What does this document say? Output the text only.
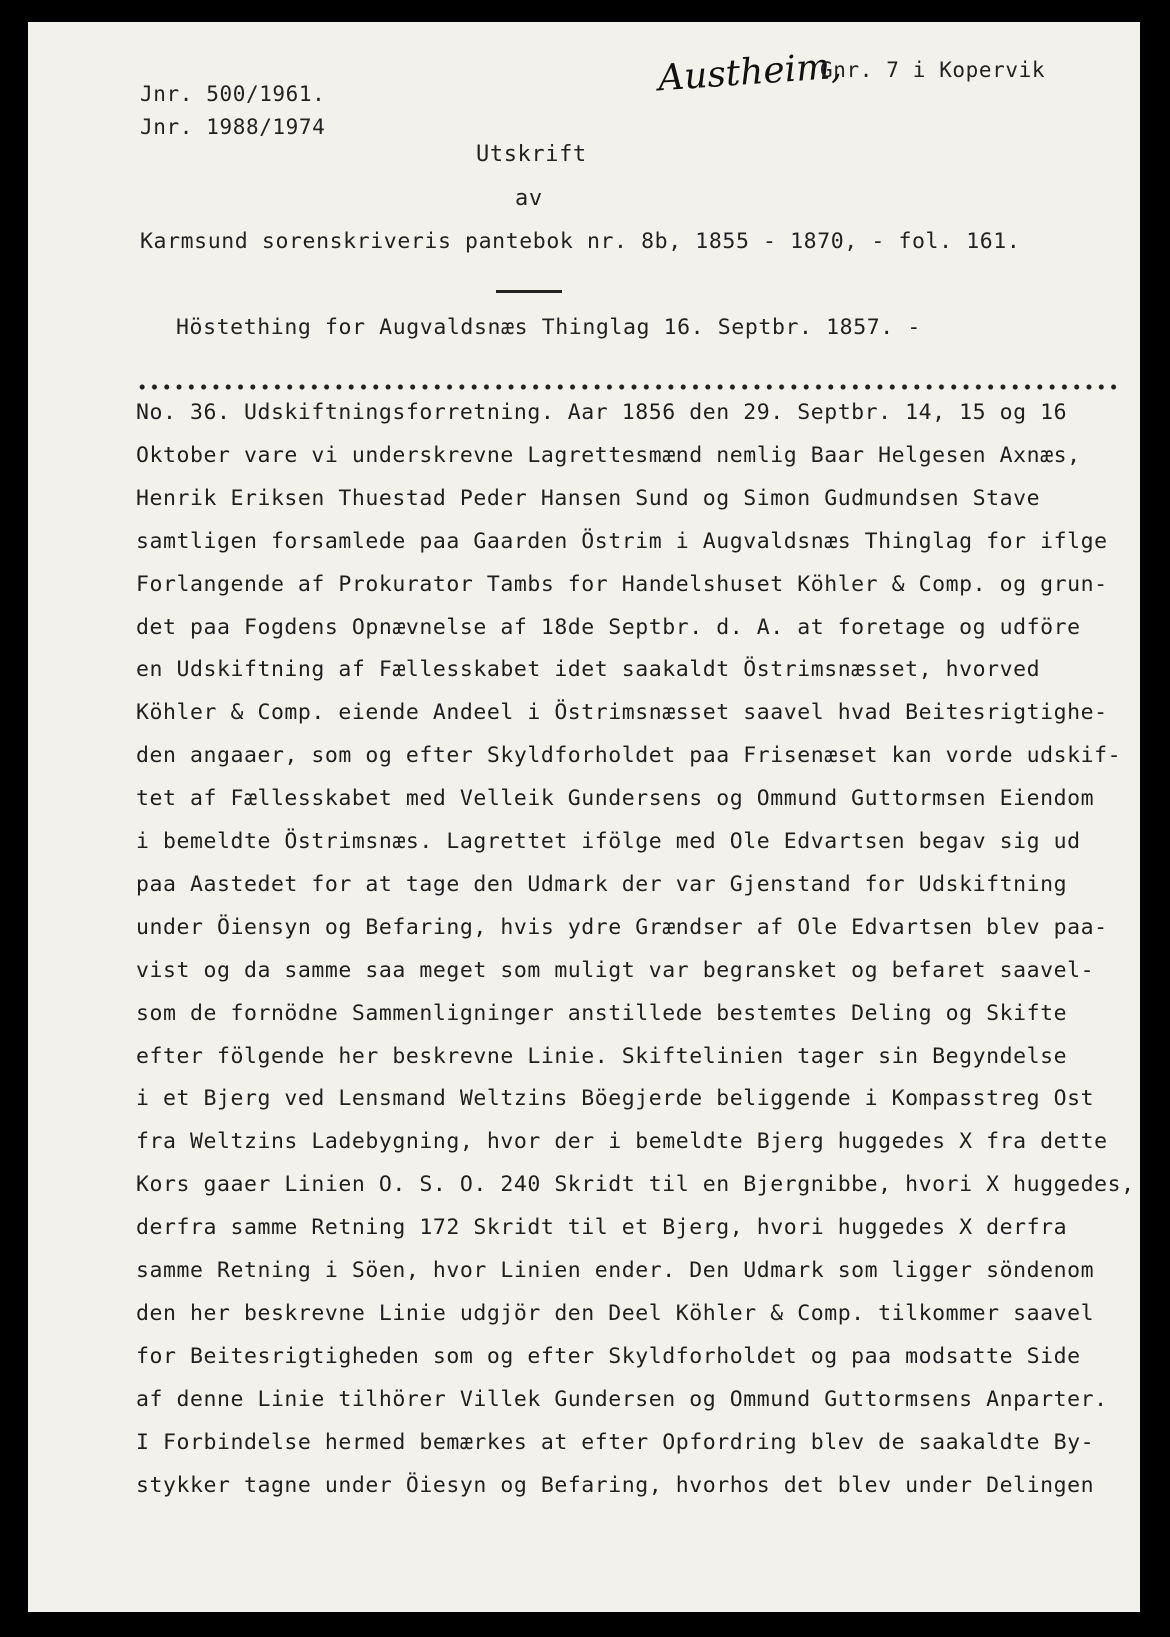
Austheim,
Gnr. 7 i Kopervik
Jnr. 500/1961.
Jnr. 1988/1974
Utskrift
av
Karmsund sorenskriveris pantebok nr. 8b, 1855 - 1870, - fol. 161.
Höstething for Augvaldsnæs Thinglag 16. Septbr. 1857. -
No. 36. Udskiftningsforretning. Aar 1856 den 29. Septbr. 14, 15 og 16
Oktober vare vi underskrevne Lagrettesmænd nemlig Baar Helgesen Axnæs,
Henrik Eriksen Thuestad Peder Hansen Sund og Simon Gudmundsen Stave
samtligen forsamlede paa Gaarden Östrim i Augvaldsnæs Thinglag for iflge
Forlangende af Prokurator Tambs for Handelshuset Köhler & Comp. og grun-
det paa Fogdens Opnævnelse af 18de Septbr. d. A. at foretage og udföre
en Udskiftning af Fællesskabet idet saakaldt Östrimsnæsset, hvorved
Köhler & Comp. eiende Andeel i Östrimsnæsset saavel hvad Beitesrigtighe-
den angaaer, som og efter Skyldforholdet paa Frisenæset kan vorde udskif-
tet af Fællesskabet med Velleik Gundersens og Ommund Guttormsen Eiendom
i bemeldte Östrimsnæs. Lagrettet ifölge med Ole Edvartsen begav sig ud
paa Aastedet for at tage den Udmark der var Gjenstand for Udskiftning
under Öiensyn og Befaring, hvis ydre Grændser af Ole Edvartsen blev paa-
vist og da samme saa meget som muligt var begransket og befaret saavel-
som de fornödne Sammenligninger anstillede bestemtes Deling og Skifte
efter fölgende her beskrevne Linie. Skiftelinien tager sin Begyndelse
i et Bjerg ved Lensmand Weltzins Böegjerde beliggende i Kompasstreg Ost
fra Weltzins Ladebygning, hvor der i bemeldte Bjerg huggedes X fra dette
Kors gaaer Linien O. S. O. 240 Skridt til en Bjergnibbe, hvori X huggedes,
derfra samme Retning 172 Skridt til et Bjerg, hvori huggedes X derfra
samme Retning i Söen, hvor Linien ender. Den Udmark som ligger söndenom
den her beskrevne Linie udgjör den Deel Köhler & Comp. tilkommer saavel
for Beitesrigtigheden som og efter Skyldforholdet og paa modsatte Side
af denne Linie tilhörer Villek Gundersen og Ommund Guttormsens Anparter.
I Forbindelse hermed bemærkes at efter Opfordring blev de saakaldte By-
stykker tagne under Öiesyn og Befaring, hvorhos det blev under Delingen
